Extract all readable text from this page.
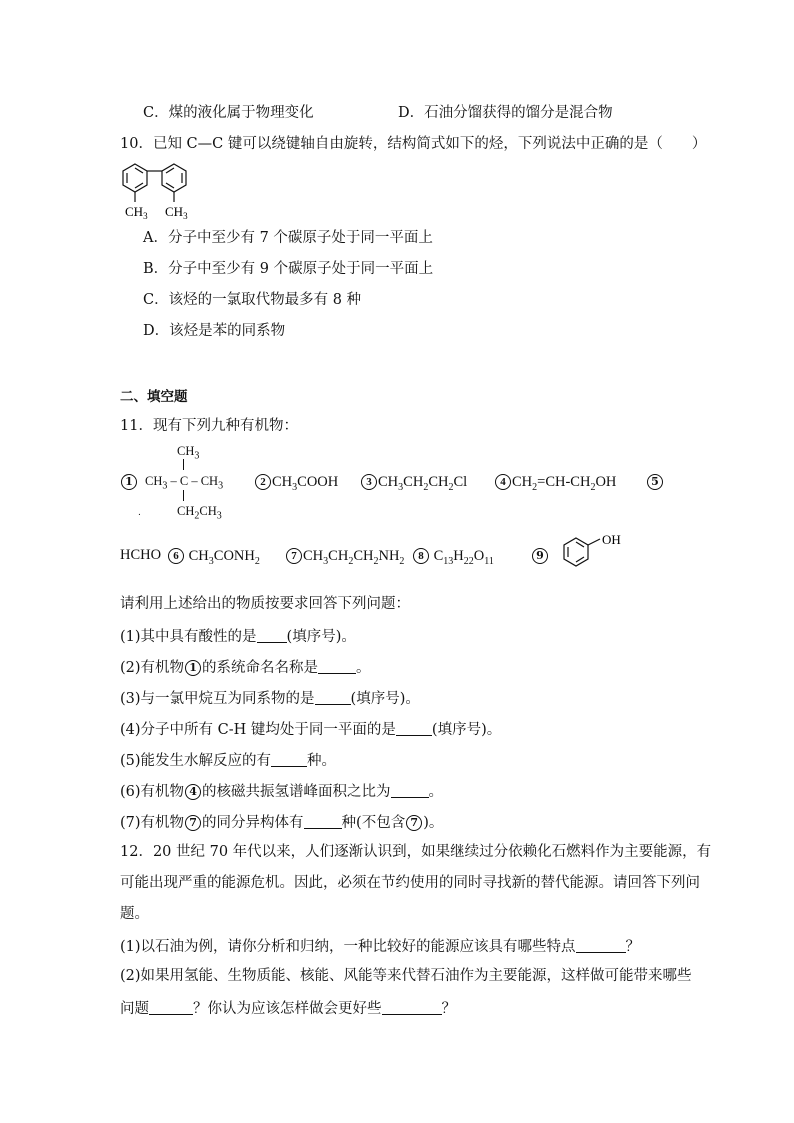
C．煤的液化属于物理变化	D．石油分馏获得的馏分是混合物
10．已知 C—C 键可以绕键轴自由旋转，结构简式如下的烃，下列说法中正确的是（　　）
$CH_3$ $CH_3$
A．分子中至少有 7 个碳原子处于同一平面上
B．分子中至少有 9 个碳原子处于同一平面上
C．该烃的一氯取代物最多有 8 种
D．该烃是苯的同系物
二、填空题
11．现有下列九种有机物：
1
$CH_3$
$CH_3$ – C – $CH_3$
$CH_2CH_3$
2 $CH_3COOH$	3 $CH_3CH_2CH_2Cl$	4 $CH_2=CH-CH_2OH$	5
.
HCHO	6 $CH_3CONH_2$	7 $CH_3CH_2CH_2NH_2$	8 $C_{13}H_{22}O_{11}$	9
OH
请利用上述给出的物质按要求回答下列问题：
(1)其中具有酸性的是 (填序号)。
(2)有机物 1 的系统命名名称是	。
(3)与一氯甲烷互为同系物的是 (填序号)。
(4)分子中所有 C-H 键均处于同一平面的是 (填序号)。
(5)能发生水解反应的有 种。
(6)有机物 4 的核磁共振氢谱峰面积之比为	。
(7)有机物 7 的同分异构体有	种(不包含 7 )。
12．20 世纪 70 年代以来，人们逐渐认识到，如果继续过分依赖化石燃料作为主要能源，有
可能出现严重的能源危机。因此，必须在节约使用的同时寻找新的替代能源。请回答下列问
题。
(1)以石油为例，请你分析和归纳，一种比较好的能源应该具有哪些特点	？
(2)如果用氢能、生物质能、核能、风能等来代替石油作为主要能源，这样做可能带来哪些
问题	？你认为应该怎样做会更好些	？
